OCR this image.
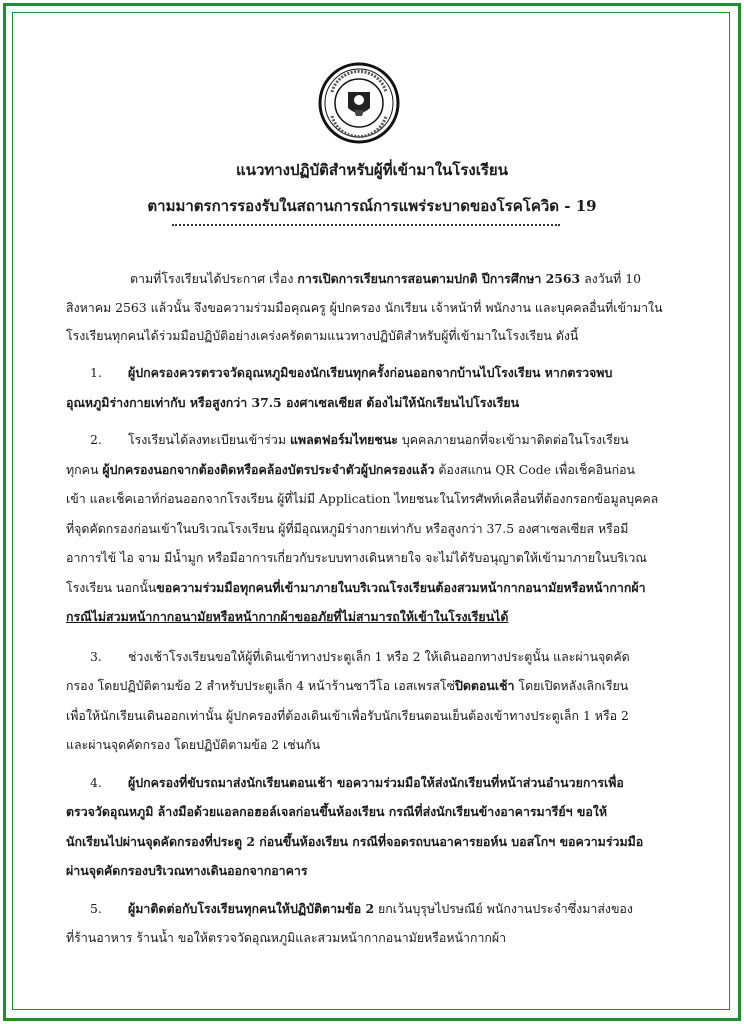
แนวทางปฏิบัติสำหรับผู้ที่เข้ามาในโรงเรียน
ตามมาตรการรองรับในสถานการณ์การแพร่ระบาดของโรคโควิด - 19
ตามที่โรงเรียนได้ประกาศ เรื่อง การเปิดการเรียนการสอนตามปกติ ปีการศึกษา 2563 ลงวันที่ 10
สิงหาคม 2563 แล้วนั้น จึงขอความร่วมมือคุณครู ผู้ปกครอง นักเรียน เจ้าหน้าที่ พนักงาน และบุคคลอื่นที่เข้ามาใน
โรงเรียนทุกคนได้ร่วมมือปฏิบัติอย่างเคร่งครัดตามแนวทางปฏิบัติสำหรับผู้ที่เข้ามาในโรงเรียน ดังนี้
1. ผู้ปกครองควรตรวจวัดอุณหภูมิของนักเรียนทุกครั้งก่อนออกจากบ้านไปโรงเรียน หากตรวจพบ
อุณหภูมิร่างกายเท่ากับ หรือสูงกว่า 37.5 องศาเซลเซียส ต้องไม่ให้นักเรียนไปโรงเรียน
2. โรงเรียนได้ลงทะเบียนเข้าร่วม แพลตฟอร์มไทยชนะ บุคคลภายนอกที่จะเข้ามาติดต่อในโรงเรียน
ทุกคน ผู้ปกครองนอกจากต้องติดหรือคล้องบัตรประจำตัวผู้ปกครองแล้ว ต้องสแกน QR Code เพื่อเช็คอินก่อน
เข้า และเช็คเอาท์ก่อนออกจากโรงเรียน ผู้ที่ไม่มี Application ไทยชนะในโทรศัพท์เคลื่อนที่ต้องกรอกข้อมูลบุคคล
ที่จุดคัดกรองก่อนเข้าในบริเวณโรงเรียน ผู้ที่มีอุณหภูมิร่างกายเท่ากับ หรือสูงกว่า 37.5 องศาเซลเซียส หรือมี
อาการไข้ ไอ จาม มีน้ำมูก หรือมีอาการเกี่ยวกับระบบทางเดินหายใจ จะไม่ได้รับอนุญาตให้เข้ามาภายในบริเวณ
โรงเรียน นอกนั้นขอความร่วมมือทุกคนที่เข้ามาภายในบริเวณโรงเรียนต้องสวมหน้ากากอนามัยหรือหน้ากากผ้า
กรณีไม่สวมหน้ากากอนามัยหรือหน้ากากผ้าขออภัยที่ไม่สามารถให้เข้าในโรงเรียนได้
3. ช่วงเช้าโรงเรียนขอให้ผู้ที่เดินเข้าทางประตูเล็ก 1 หรือ 2 ให้เดินออกทางประตูนั้น และผ่านจุดคัด
กรอง โดยปฏิบัติตามข้อ 2 สำหรับประตูเล็ก 4 หน้าร้านซาวีโอ เอสเพรสโซ่ปิดตอนเช้า โดยเปิดหลังเลิกเรียน
เพื่อให้นักเรียนเดินออกเท่านั้น ผู้ปกครองที่ต้องเดินเข้าเพื่อรับนักเรียนตอนเย็นต้องเข้าทางประตูเล็ก 1 หรือ 2
และผ่านจุดคัดกรอง โดยปฏิบัติตามข้อ 2 เช่นกัน
4. ผู้ปกครองที่ขับรถมาส่งนักเรียนตอนเช้า ขอความร่วมมือให้ส่งนักเรียนที่หน้าส่วนอำนวยการเพื่อ
ตรวจวัดอุณหภูมิ ล้างมือด้วยแอลกอฮอล์เจลก่อนขึ้นห้องเรียน กรณีที่ส่งนักเรียนข้างอาคารมารีย์ฯ ขอให้
นักเรียนไปผ่านจุดคัดกรองที่ประตู 2 ก่อนขึ้นห้องเรียน กรณีที่จอดรถบนอาคารยอห์น บอสโกฯ ขอความร่วมมือ
ผ่านจุดคัดกรองบริเวณทางเดินออกจากอาคาร
5. ผู้มาติดต่อกับโรงเรียนทุกคนให้ปฏิบัติตามข้อ 2 ยกเว้นบุรุษไปรษณีย์ พนักงานประจำซึ่งมาส่งของ
ที่ร้านอาหาร ร้านน้ำ ขอให้ตรวจวัดอุณหภูมิและสวมหน้ากากอนามัยหรือหน้ากากผ้า
